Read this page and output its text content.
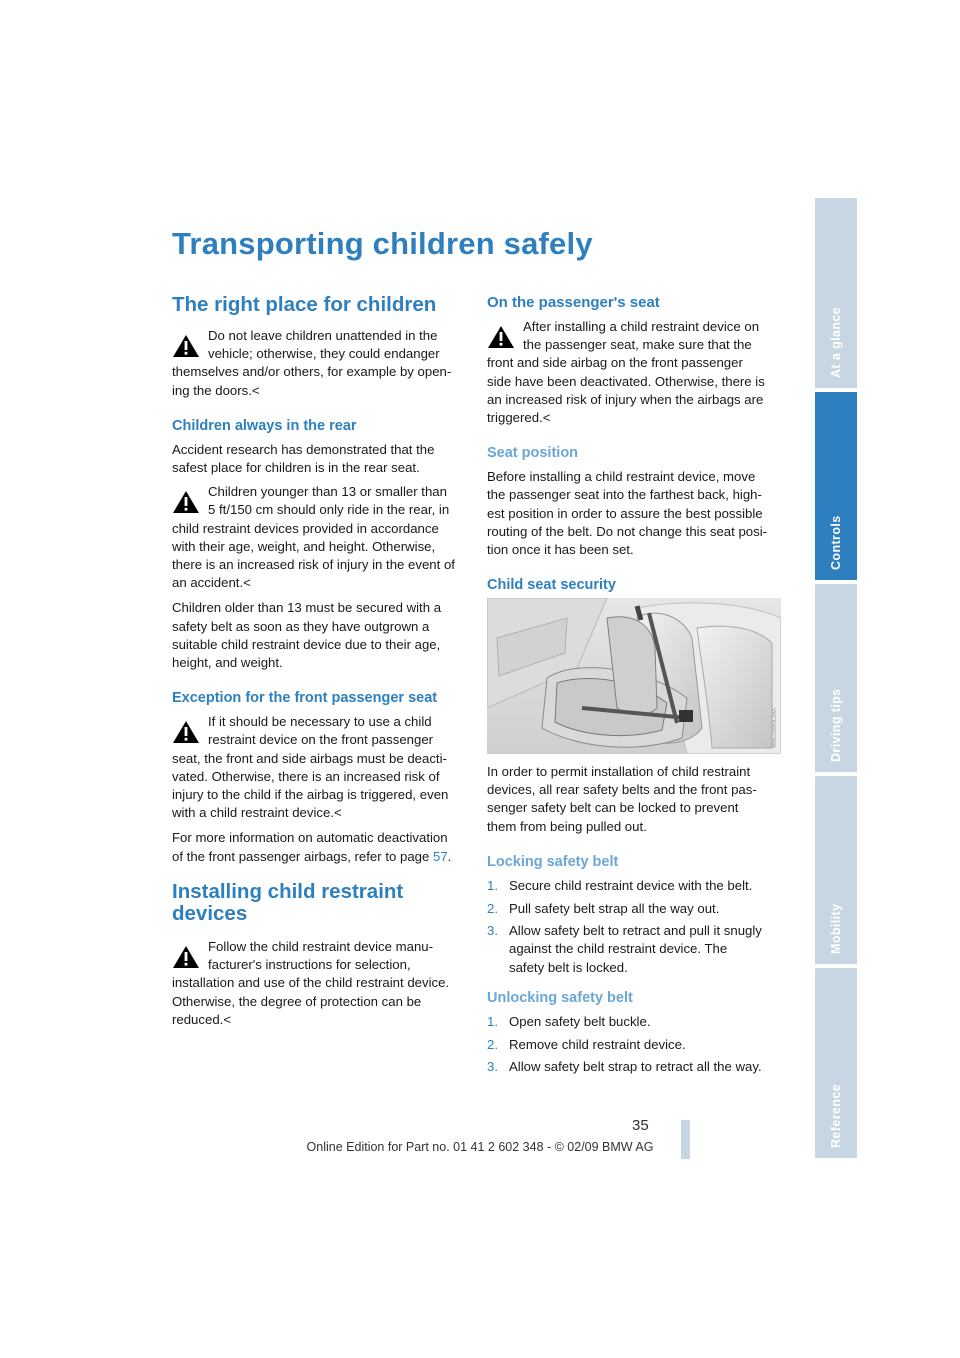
Transporting children safely
The right place for children

Do not leave children unattended in the

vehicle; otherwise, they could endanger

themselves and/or others, for example by open-

ing the doors.<

Children always in the rear

Accident research has demonstrated that the

safest place for children is in the rear seat.

Children younger than 13 or smaller than

5 ft/150 cm should only ride in the rear, in

child restraint devices provided in accordance

with their age, weight, and height. Otherwise,

there is an increased risk of injury in the event of

an accident.<

Children older than 13 must be secured with a

safety belt as soon as they have outgrown a

suitable child restraint device due to their age,

height, and weight.

Exception for the front passenger seat

If it should be necessary to use a child

restraint device on the front passenger

seat, the front and side airbags must be deacti-

vated. Otherwise, there is an increased risk of

injury to the child if the airbag is triggered, even

with a child restraint device.<

For more information on automatic deactivation

of the front passenger airbags, refer to page 57.

Installing child restraint
devices

Follow the child restraint device manu-

facturer's instructions for selection,

installation and use of the child restraint device.

Otherwise, the degree of protection can be

reduced.<

On the passenger's seat

After installing a child restraint device on

the passenger seat, make sure that the

front and side airbag on the front passenger

side have been deactivated. Otherwise, there is

an increased risk of injury when the airbags are

triggered.<

Seat position

Before installing a child restraint device, move

the passenger seat into the farthest back, high-

est position in order to assure the best possible

routing of the belt. Do not change this seat posi-

tion once it has been set.

Child seat security
W6C0590CMA

In order to permit installation of child restraint

devices, all rear safety belts and the front pas-

senger safety belt can be locked to prevent

them from being pulled out.

Locking safety belt
1. Secure child restraint device with the belt.
2. Pull safety belt strap all the way out.
3. Allow safety belt to retract and pull it snugly
against the child restraint device. The
safety belt is locked.
Unlocking safety belt
1. Open safety belt buckle.
2. Remove child restraint device.
3. Allow safety belt strap to retract all the way.
At a glance
Controls
Driving tips
Mobility
Reference
35
Online Edition for Part no. 01 41 2 602 348 - © 02/09 BMW AG
